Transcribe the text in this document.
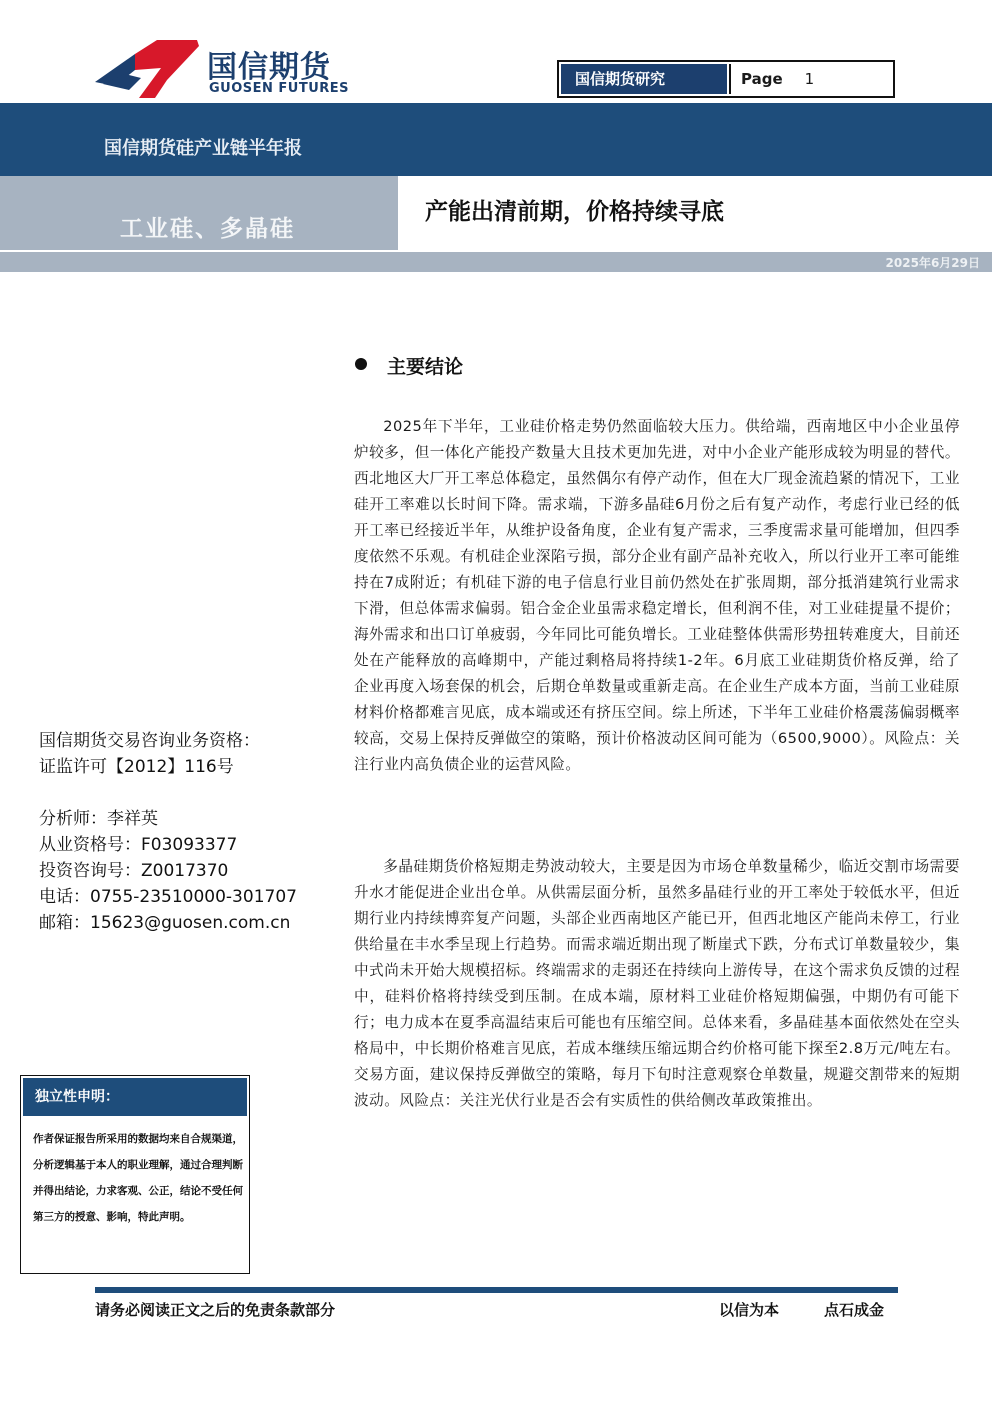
国信期货
GUOSEN FUTURES
国信期货研究	Page 1
国信期货硅产业链半年报
工业硅、多晶硅
产能出清前期，价格持续寻底
2025年6月29日
国信期货交易咨询业务资格：
证监许可【2012】116号
分析师：李祥英
从业资格号：F03093377
投资咨询号：Z0017370
电话：0755-23510000-301707
邮箱：15623@guosen.com.cn
独立性申明：
作者保证报告所采用的数据均来自合规渠道，分析逻辑基于本人的职业理解，通过合理判断 并得出结论，力求客观、公正，结论不受任何第三方的授意、影响，特此声明。
主要结论

2025年下半年，工业硅价格走势仍然面临较大压力。供给端，西南地区中小企业虽停炉较多，但一体化产能投产数量大且技术更加先进，对中小企业产能形成较为明显的替代。西北地区大厂开工率总体稳定，虽然偶尔有停产动作，但在大厂现金流趋紧的情况下，工业硅开工率难以长时间下降。需求端，下游多晶硅6月份之后有复产动作，考虑行业已经的低开工率已经接近半年，从维护设备角度，企业有复产需求，三季度需求量可能增加，但四季度依然不乐观。有机硅企业深陷亏损，部分企业有副产品补充收入，所以行业开工率可能维持在7成附近；有机硅下游的电子信息行业目前仍然处在扩张周期，部分抵消建筑行业需求下滑，但总体需求偏弱。铝合金企业虽需求稳定增长，但利润不佳，对工业硅提量不提价；海外需求和出口订单疲弱，今年同比可能负增长。工业硅整体供需形势扭转难度大，目前还处在产能释放的高峰期中，产能过剩格局将持续1-2年。6月底工业硅期货价格反弹，给了企业再度入场套保的机会，后期仓单数量或重新走高。在企业生产成本方面，当前工业硅原材料价格都难言见底，成本端或还有挤压空间。综上所述，下半年工业硅价格震荡偏弱概率较高，交易上保持反弹做空的策略，预计价格波动区间可能为（6500,9000）。风险点：关注行业内高负债企业的运营风险。

多晶硅期货价格短期走势波动较大，主要是因为市场仓单数量稀少，临近交割市场需要升水才能促进企业出仓单。从供需层面分析，虽然多晶硅行业的开工率处于较低水平，但近期行业内持续博弈复产问题，头部企业西南地区产能已开，但西北地区产能尚未停工，行业供给量在丰水季呈现上行趋势。而需求端近期出现了断崖式下跌，分布式订单数量较少，集中式尚未开始大规模招标。终端需求的走弱还在持续向上游传导，在这个需求负反馈的过程中，硅料价格将持续受到压制。在成本端，原材料工业硅价格短期偏强，中期仍有可能下行；电力成本在夏季高温结束后可能也有压缩空间。总体来看，多晶硅基本面依然处在空头格局中，中长期价格难言见底，若成本继续压缩远期合约价格可能下探至2.8万元/吨左右。交易方面，建议保持反弹做空的策略，每月下旬时注意观察仓单数量，规避交割带来的短期波动。风险点：关注光伏行业是否会有实质性的供给侧改革政策推出。

请务必阅读正文之后的免责条款部分	以信为本	点石成金
